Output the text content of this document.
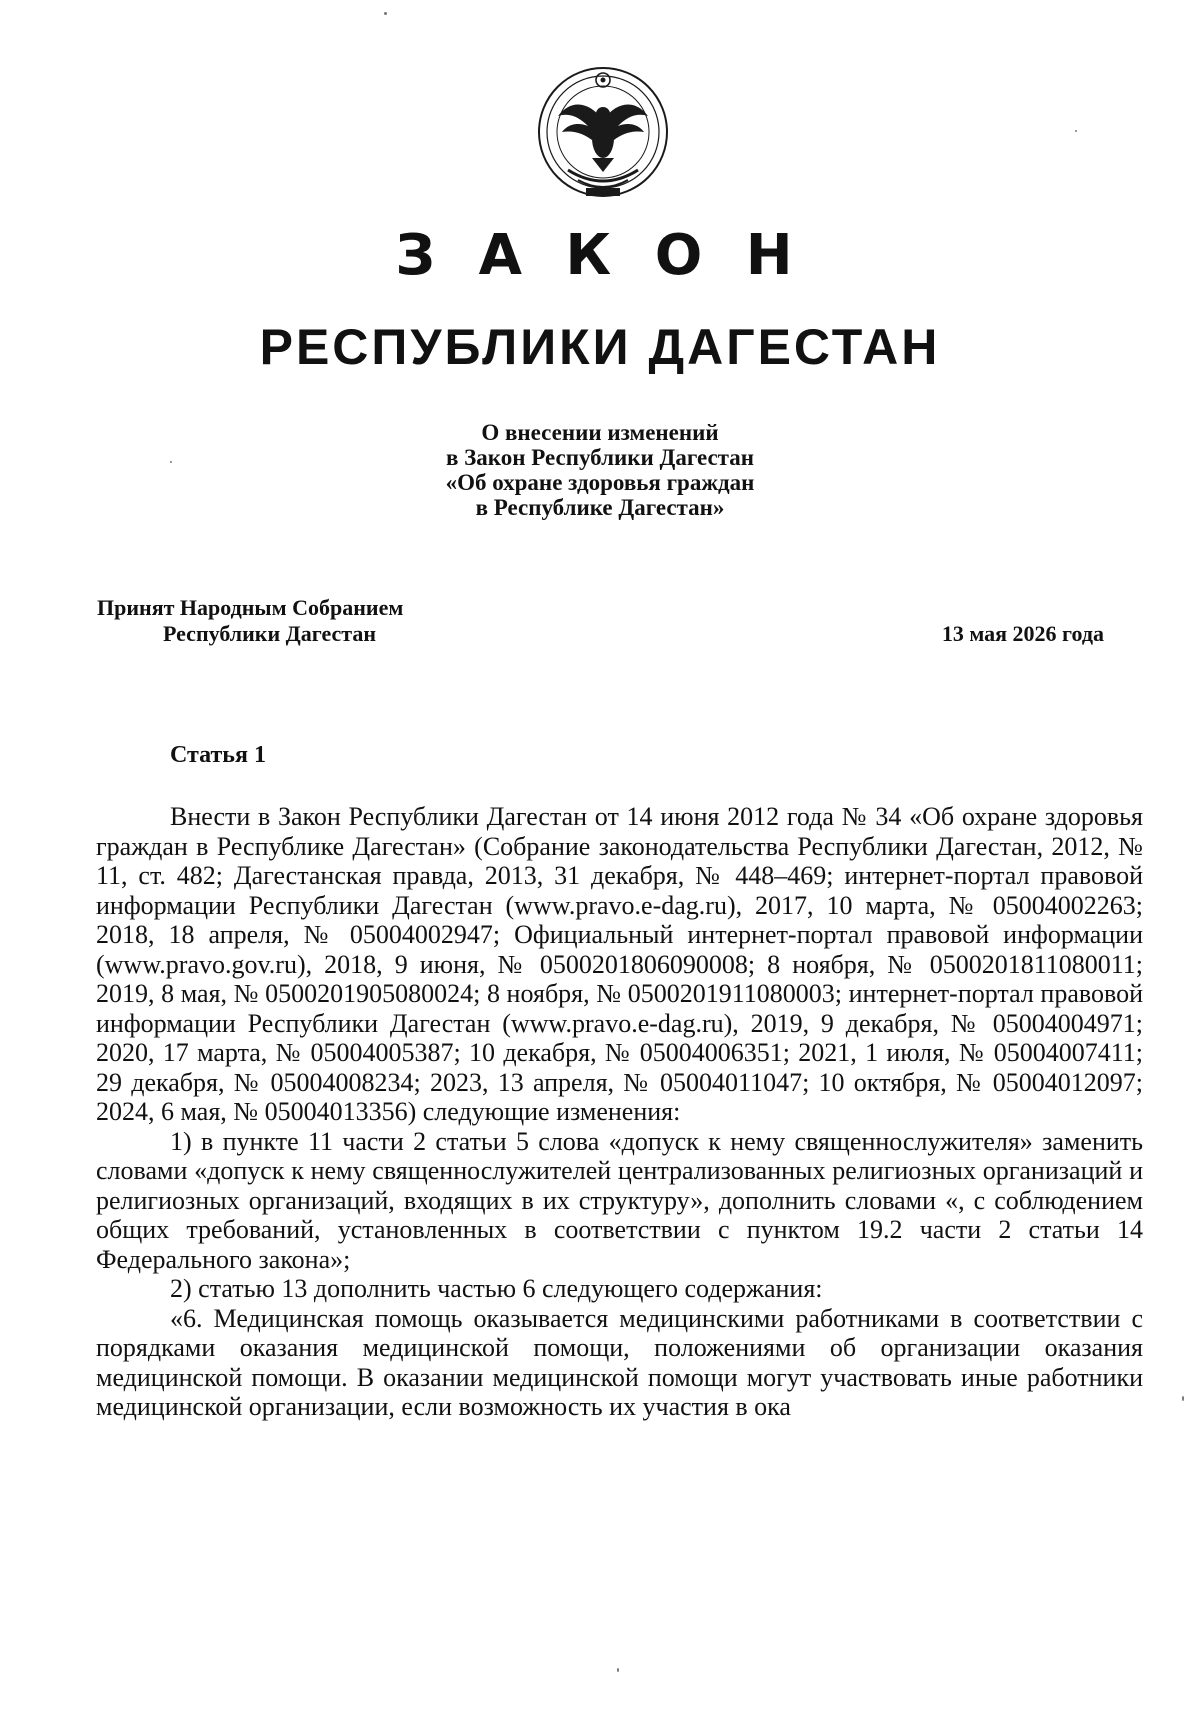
З А К О Н
РЕСПУБЛИКИ ДАГЕСТАН
О внесении изменений
в Закон Республики Дагестан
«Об охране здоровья граждан
в Республике Дагестан»
Принят Народным Собранием
Республики Дагестан	13 мая 2026 года
Статья 1

Внести в Закон Республики Дагестан от 14 июня 2012 года № 34 «Об охране здоровья граждан в Республике Дагестан» (Собрание законодательства Республики Дагестан, 2012, № 11, ст. 482; Дагестанская правда, 2013, 31 декабря, № 448–469; интернет-портал правовой информации Республики Дагестан (www.pravo.e-dag.ru), 2017, 10 марта, № 05004002263; 2018, 18 апреля, № 05004002947; Официальный интернет-портал правовой информации (www.pravo.gov.ru), 2018, 9 июня, № 0500201806090008; 8 ноября, № 0500201811080011; 2019, 8 мая, № 0500201905080024; 8 ноября, № 0500201911080003; интернет-портал правовой информации Республики Дагестан (www.pravo.e-dag.ru), 2019, 9 декабря, № 05004004971; 2020, 17 марта, № 05004005387; 10 декабря, № 05004006351; 2021, 1 июля, № 05004007411; 29 декабря, № 05004008234; 2023, 13 апреля, № 05004011047; 10 октября, № 05004012097; 2024, 6 мая, № 05004013356) следующие изменения:

1) в пункте 11 части 2 статьи 5 слова «допуск к нему священнослужителя» заменить словами «допуск к нему священнослужителей централизованных религиозных организаций и религиозных организаций, входящих в их структуру», дополнить словами «, с соблюдением общих требований, установленных в соответствии с пунктом 19.2 части 2 статьи 14 Федерального закона»;

2) статью 13 дополнить частью 6 следующего содержания:

«6. Медицинская помощь оказывается медицинскими работниками в соответствии с порядками оказания медицинской помощи, положениями об организации оказания медицинской помощи. В оказании медицинской помощи могут участвовать иные работники медицинской организации, если возможность их участия в ока
